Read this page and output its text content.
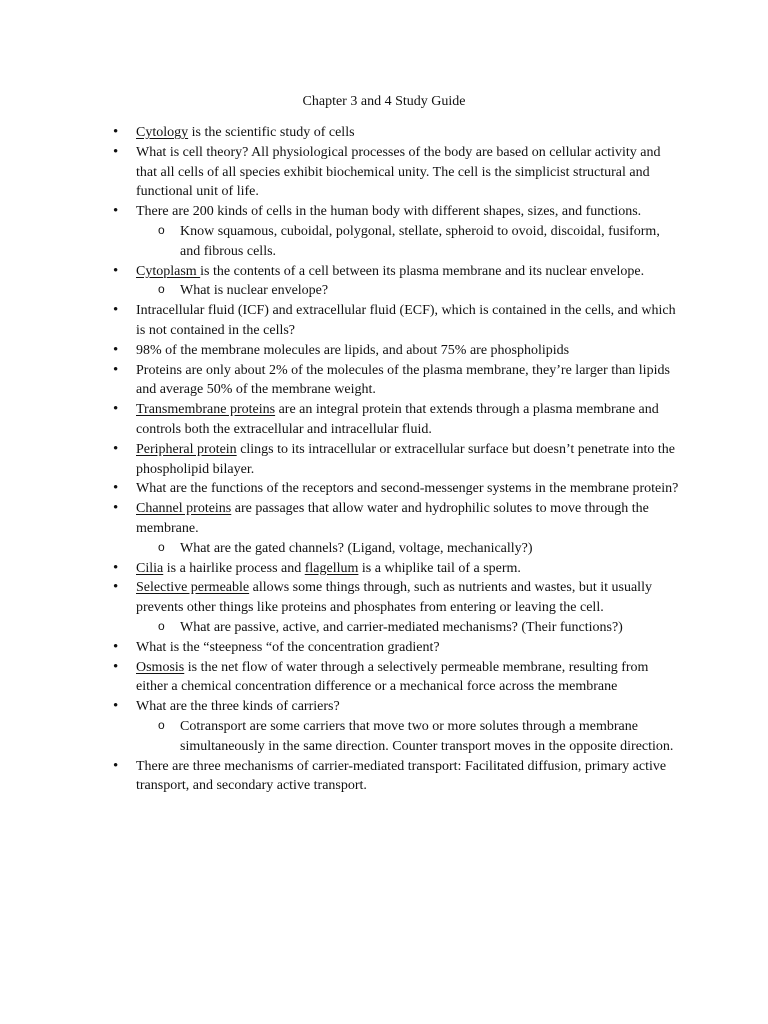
Chapter 3 and 4 Study Guide
• Cytology is the scientific study of cells
• What is cell theory? All physiological processes of the body are based on cellular activity and that all cells of all species exhibit biochemical unity. The cell is the simplicist structural and functional unit of life.
• There are 200 kinds of cells in the human body with different shapes, sizes, and functions.
o Know squamous, cuboidal, polygonal, stellate, spheroid to ovoid, discoidal, fusiform, and fibrous cells.
• Cytoplasm is the contents of a cell between its plasma membrane and its nuclear envelope.
o What is nuclear envelope?
• Intracellular fluid (ICF) and extracellular fluid (ECF), which is contained in the cells, and which is not contained in the cells?
• 98% of the membrane molecules are lipids, and about 75% are phospholipids
• Proteins are only about 2% of the molecules of the plasma membrane, they’re larger than lipids and average 50% of the membrane weight.
• Transmembrane proteins are an integral protein that extends through a plasma membrane and controls both the extracellular and intracellular fluid.
• Peripheral protein clings to its intracellular or extracellular surface but doesn’t penetrate into the phospholipid bilayer.
• What are the functions of the receptors and second-messenger systems in the membrane protein?
• Channel proteins are passages that allow water and hydrophilic solutes to move through the membrane.
o What are the gated channels? (Ligand, voltage, mechanically?)
• Cilia is a hairlike process and flagellum is a whiplike tail of a sperm.
• Selective permeable allows some things through, such as nutrients and wastes, but it usually prevents other things like proteins and phosphates from entering or leaving the cell.
o What are passive, active, and carrier-mediated mechanisms? (Their functions?)
• What is the “steepness “of the concentration gradient?
• Osmosis is the net flow of water through a selectively permeable membrane, resulting from either a chemical concentration difference or a mechanical force across the membrane
• What are the three kinds of carriers?
o Cotransport are some carriers that move two or more solutes through a membrane simultaneously in the same direction. Counter transport moves in the opposite direction.
• There are three mechanisms of carrier-mediated transport: Facilitated diffusion, primary active transport, and secondary active transport.
